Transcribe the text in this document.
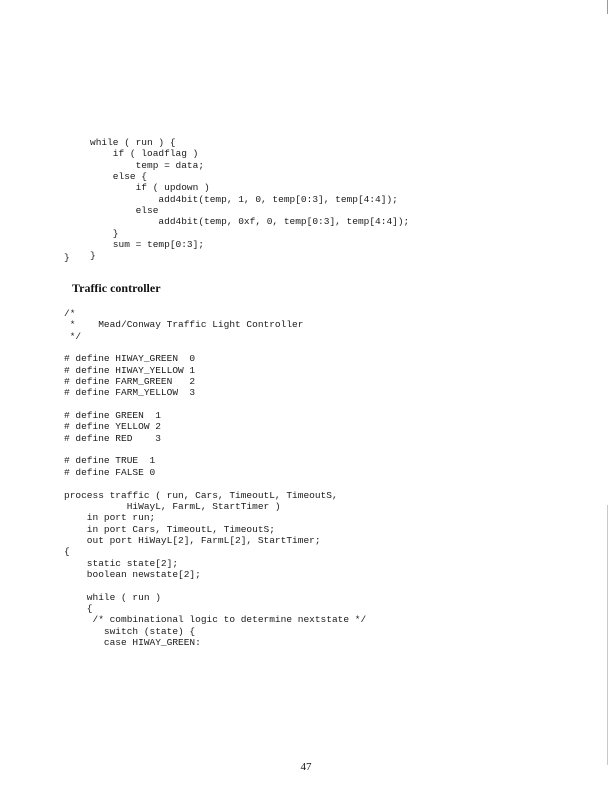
while ( run ) {
if ( loadflag )
temp = data;
else {
if ( updown )
add4bit(temp, 1, 0, temp[0:3], temp[4:4]);
else
add4bit(temp, 0xf, 0, temp[0:3], temp[4:4]);
}
sum = temp[0:3];
}
}
Traffic controller
/*
*    Mead/Conway Traffic Light Controller
*/

# define HIWAY_GREEN  0
# define HIWAY_YELLOW 1
# define FARM_GREEN   2
# define FARM_YELLOW  3

# define GREEN  1
# define YELLOW 2
# define RED    3

# define TRUE  1
# define FALSE 0

process traffic ( run, Cars, TimeoutL, TimeoutS,
HiWayL, FarmL, StartTimer )
in port run;
in port Cars, TimeoutL, TimeoutS;
out port HiWayL[2], FarmL[2], StartTimer;
{
static state[2];
boolean newstate[2];

while ( run )
{
/* combinational logic to determine nextstate */
switch (state) {
case HIWAY_GREEN:
47
